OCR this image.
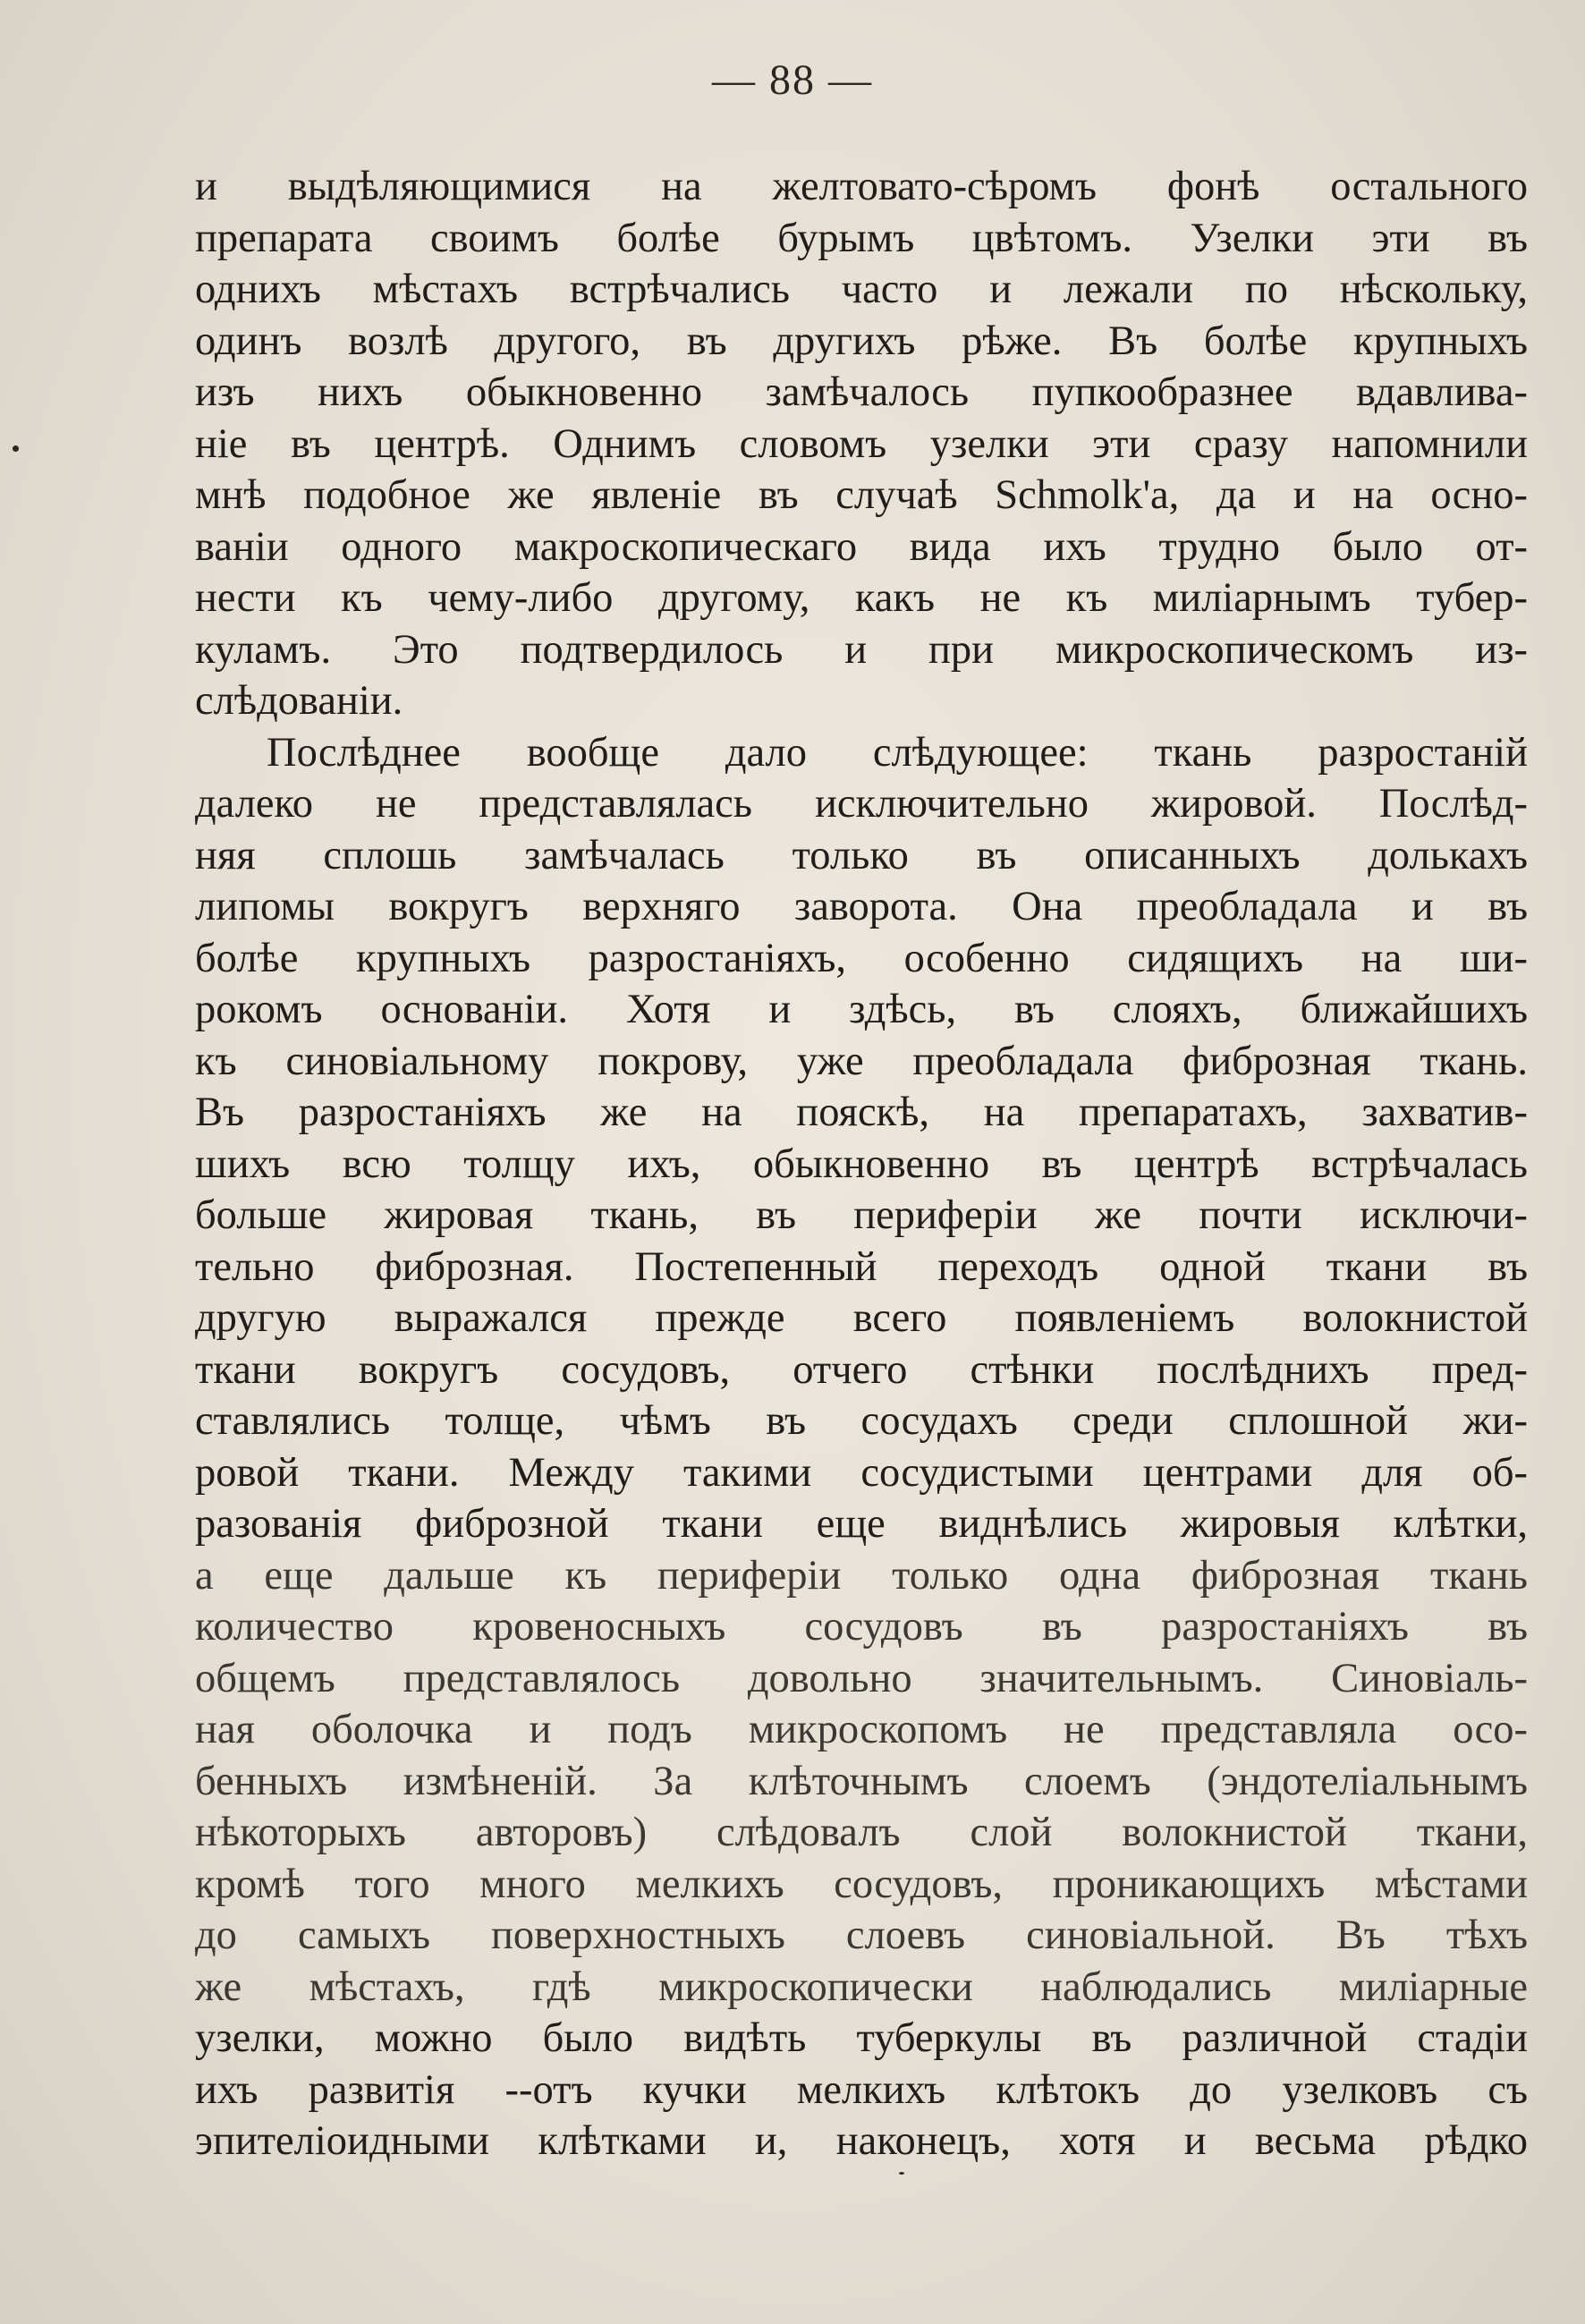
— 88 —
и выдѣляющимися на желтовато-сѣромъ фонѣ остального
препарата своимъ болѣе бурымъ цвѣтомъ. Узелки эти въ
однихъ мѣстахъ встрѣчались часто и лежали по нѣскольку,
одинъ возлѣ другого, въ другихъ рѣже. Въ болѣе крупныхъ
изъ нихъ обыкновенно замѣчалось пупкообразнее вдавлива-
ніе въ центрѣ. Однимъ словомъ узелки эти сразу напомнили
мнѣ подобное же явленіе въ случаѣ Schmolk'а, да и на осно-
ваніи одного макроскопическаго вида ихъ трудно было от-
нести къ чему-либо другому, какъ не къ миліарнымъ тубер-
куламъ. Это подтвердилось и при микроскопическомъ из-
слѣдованіи.
Послѣднее вообще дало слѣдующее: ткань разростаній
далеко не представлялась исключительно жировой. Послѣд-
няя сплошь замѣчалась только въ описанныхъ долькахъ
липомы вокругъ верхняго заворота. Она преобладала и въ
болѣе крупныхъ разростаніяхъ, особенно сидящихъ на ши-
рокомъ основаніи. Хотя и здѣсь, въ слояхъ, ближайшихъ
къ синовіальному покрову, уже преобладала фиброзная ткань.
Въ разростаніяхъ же на пояскѣ, на препаратахъ, захватив-
шихъ всю толщу ихъ, обыкновенно въ центрѣ встрѣчалась
больше жировая ткань, въ периферіи же почти исключи-
тельно фиброзная. Постепенный переходъ одной ткани въ
другую выражался прежде всего появленіемъ волокнистой
ткани вокругъ сосудовъ, отчего стѣнки послѣднихъ пред-
ставлялись толще, чѣмъ въ сосудахъ среди сплошной жи-
ровой ткани. Между такими сосудистыми центрами для об-
разованія фиброзной ткани еще виднѣлись жировыя клѣтки,
а еще дальше къ периферіи только одна фиброзная ткань
количество кровеносныхъ сосудовъ въ разростаніяхъ въ
общемъ представлялось довольно значительнымъ. Синовіаль-
ная оболочка и подъ микроскопомъ не представляла осо-
бенныхъ измѣненій. За клѣточнымъ слоемъ (эндотеліальнымъ
нѣкоторыхъ авторовъ) слѣдовалъ слой волокнистой ткани,
кромѣ того много мелкихъ сосудовъ, проникающихъ мѣстами
до самыхъ поверхностныхъ слоевъ синовіальной. Въ тѣхъ
же мѣстахъ, гдѣ микроскопически наблюдались миліарные
узелки, можно было видѣть туберкулы въ различной стадіи
ихъ развитія --отъ кучки мелкихъ клѣтокъ до узелковъ съ
эпителіоидными клѣтками и, наконецъ, хотя и весьма рѣдко
